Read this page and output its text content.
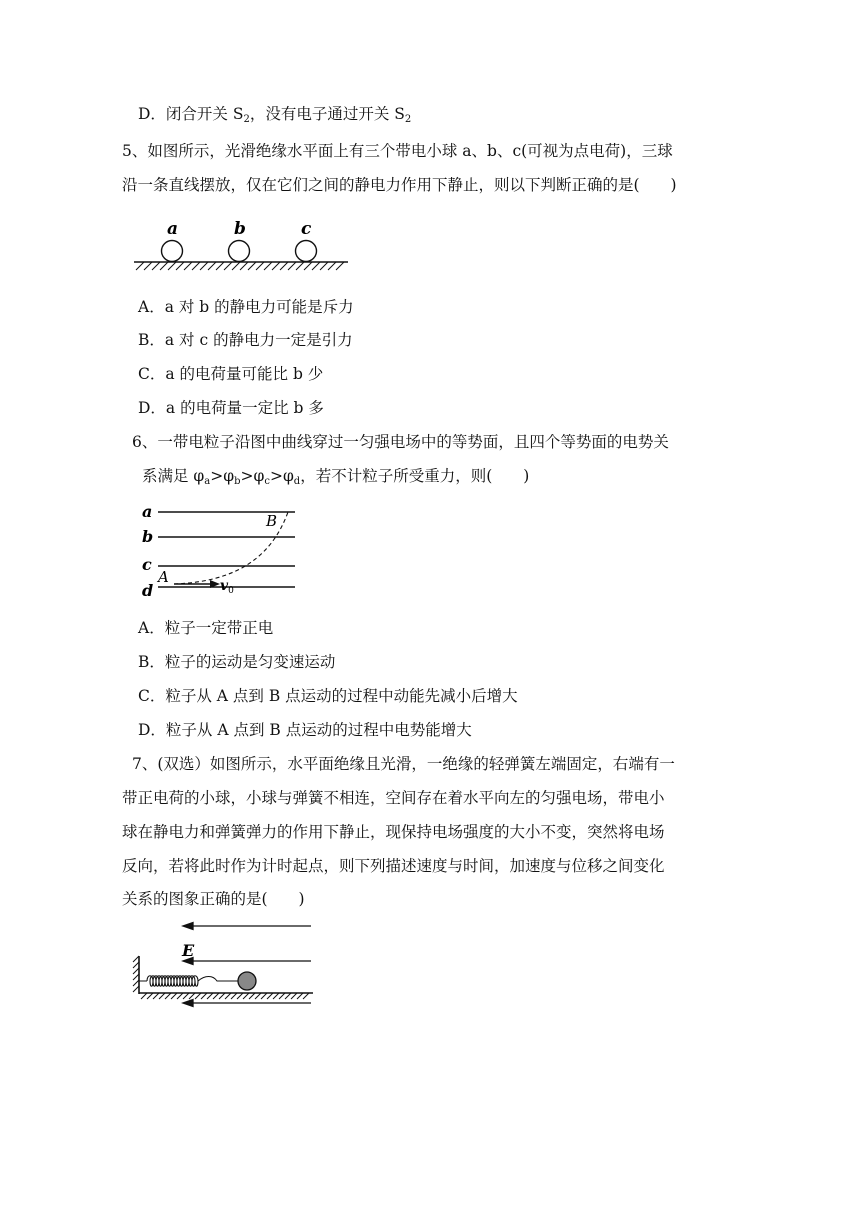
D．闭合开关 $S_2$，没有电子通过开关 $S_2$
5、如图所示，光滑绝缘水平面上有三个带电小球 a、b、c(可视为点电荷)，三球
沿一条直线摆放，仅在它们之间的静电力作用下静止，则以下判断正确的是(　　)
a	b	c
A．a 对 b 的静电力可能是斥力
B．a 对 c 的静电力一定是引力
C．a 的电荷量可能比 b 少
D．a 的电荷量一定比 b 多
6、一带电粒子沿图中曲线穿过一匀强电场中的等势面，且四个等势面的电势关
系满足 $\varphi_a>\varphi_b>\varphi_c>\varphi_d$，若不计粒子所受重力，则(　　)
a
b
c
d
A
B
$v_0$
A．粒子一定带正电
B．粒子的运动是匀变速运动
C．粒子从 A 点到 B 点运动的过程中动能先减小后增大
D．粒子从 A 点到 B 点运动的过程中电势能增大
7、(双选）如图所示，水平面绝缘且光滑，一绝缘的轻弹簧左端固定，右端有一
带正电荷的小球，小球与弹簧不相连，空间存在着水平向左的匀强电场，带电小
球在静电力和弹簧弹力的作用下静止，现保持电场强度的大小不变，突然将电场
反向，若将此时作为计时起点，则下列描述速度与时间，加速度与位移之间变化
关系的图象正确的是(　　)
E
